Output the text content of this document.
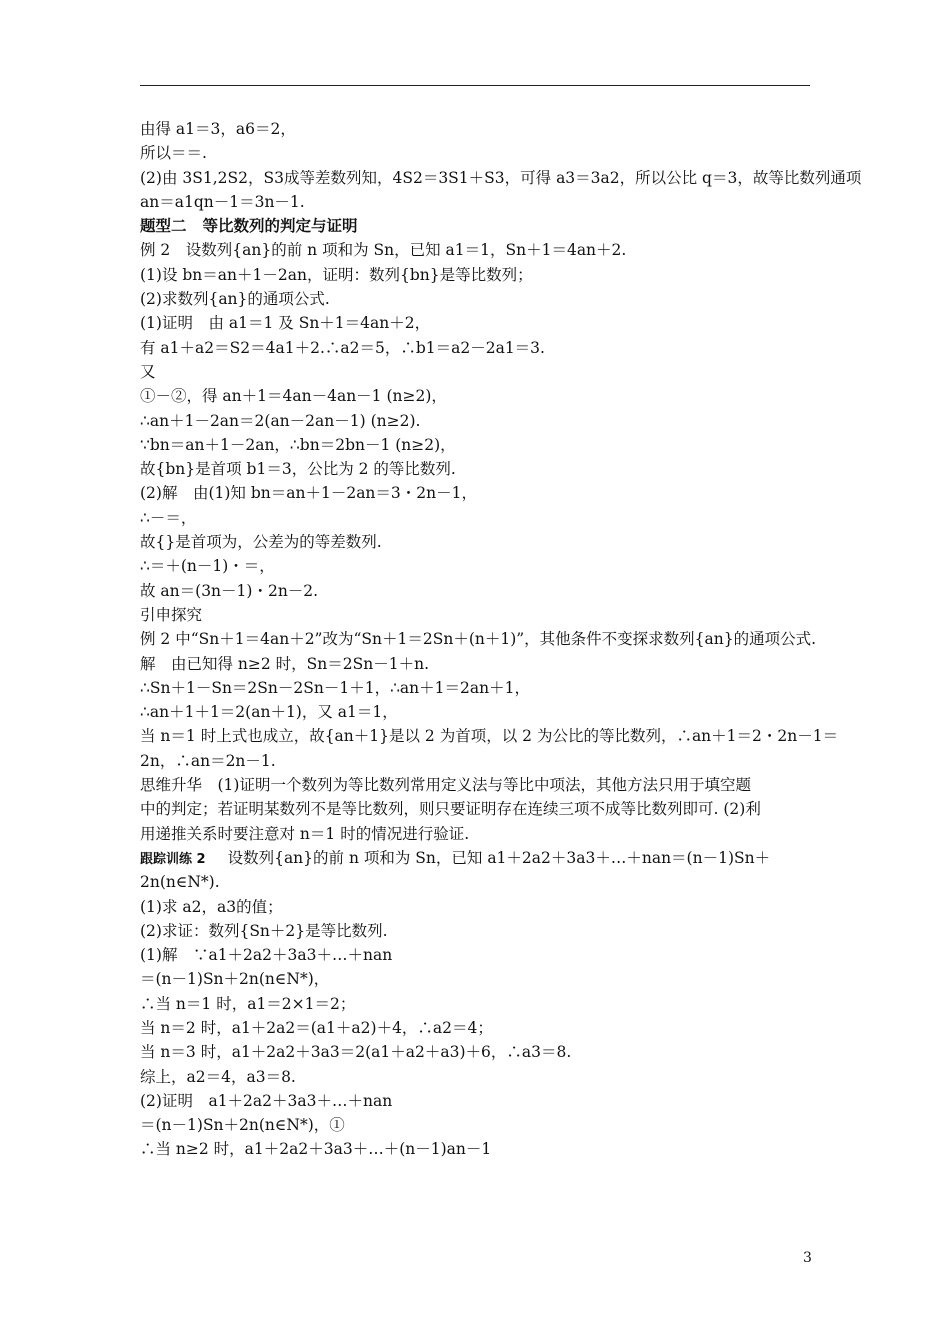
由得 a1＝3，a6＝2，
所以＝＝.
(2)由 3S1,2S2，S3成等差数列知，4S2＝3S1＋S3，可得 a3＝3a2，所以公比 q＝3，故等比数列通项
an＝a1qn－1＝3n－1.
题型二 等比数列的判定与证明
例 2　设数列{an}的前 n 项和为 Sn，已知 a1＝1，Sn＋1＝4an＋2.
(1)设 bn＝an＋1－2an，证明：数列{bn}是等比数列；
(2)求数列{an}的通项公式.
(1)证明　由 a1＝1 及 Sn＋1＝4an＋2，
有 a1＋a2＝S2＝4a1＋2.∴a2＝5，∴b1＝a2－2a1＝3.
又
①－②，得 an＋1＝4an－4an－1 (n≥2)，
∴an＋1－2an＝2(an－2an－1) (n≥2).
∵bn＝an＋1－2an，∴bn＝2bn－1 (n≥2)，
故{bn}是首项 b1＝3，公比为 2 的等比数列.
(2)解　由(1)知 bn＝an＋1－2an＝3・2n－1，
∴－＝，
故{}是首项为，公差为的等差数列.
∴＝＋(n－1)・＝，
故 an＝(3n－1)・2n－2.
引申探究
例 2 中“Sn＋1＝4an＋2”改为“Sn＋1＝2Sn＋(n＋1)”，其他条件不变探求数列{an}的通项公式.
解　由已知得 n≥2 时，Sn＝2Sn－1＋n.
∴Sn＋1－Sn＝2Sn－2Sn－1＋1，∴an＋1＝2an＋1，
∴an＋1＋1＝2(an＋1)，又 a1＝1，
当 n＝1 时上式也成立，故{an＋1}是以 2 为首项，以 2 为公比的等比数列，∴an＋1＝2・2n－1＝
2n，∴an＝2n－1.
思维升华　(1)证明一个数列为等比数列常用定义法与等比中项法，其他方法只用于填空题
中的判定；若证明某数列不是等比数列，则只要证明存在连续三项不成等比数列即可. (2)利
用递推关系时要注意对 n＝1 时的情况进行验证.
跟踪训练 2 设数列{an}的前 n 项和为 Sn，已知 a1＋2a2＋3a3＋…＋nan＝(n－1)Sn＋
2n(n∈N*).
(1)求 a2，a3的值；
(2)求证：数列{Sn＋2}是等比数列.
(1)解　∵a1＋2a2＋3a3＋…＋nan
＝(n－1)Sn＋2n(n∈N*)，
∴当 n＝1 时，a1＝2×1＝2；
当 n＝2 时，a1＋2a2＝(a1＋a2)＋4，∴a2＝4；
当 n＝3 时，a1＋2a2＋3a3＝2(a1＋a2＋a3)＋6，∴a3＝8.
综上，a2＝4，a3＝8.
(2)证明　a1＋2a2＋3a3＋…＋nan
＝(n－1)Sn＋2n(n∈N*)，①
∴当 n≥2 时，a1＋2a2＋3a3＋…＋(n－1)an－1
3
